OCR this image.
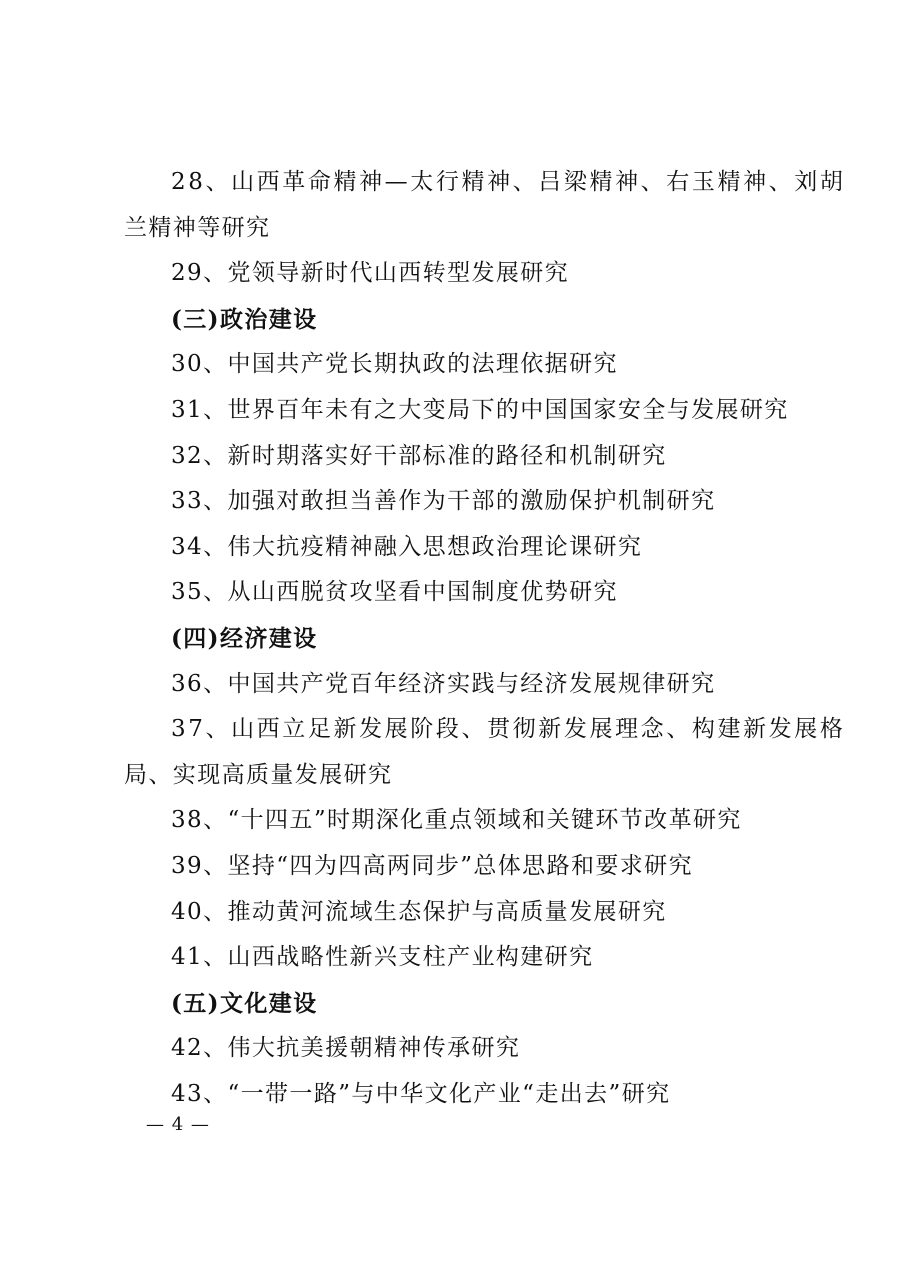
28、山西革命精神—太行精神、吕梁精神、右玉精神、刘胡

兰精神等研究

29、党领导新时代山西转型发展研究

(三)政治建设

30、中国共产党长期执政的法理依据研究

31、世界百年未有之大变局下的中国国家安全与发展研究

32、新时期落实好干部标准的路径和机制研究

33、加强对敢担当善作为干部的激励保护机制研究

34、伟大抗疫精神融入思想政治理论课研究

35、从山西脱贫攻坚看中国制度优势研究

(四)经济建设

36、中国共产党百年经济实践与经济发展规律研究

37、山西立足新发展阶段、贯彻新发展理念、构建新发展格

局、实现高质量发展研究

38、“十四五”时期深化重点领域和关键环节改革研究

39、坚持“四为四高两同步”总体思路和要求研究

40、推动黄河流域生态保护与高质量发展研究

41、山西战略性新兴支柱产业构建研究

(五)文化建设

42、伟大抗美援朝精神传承研究

43、“一带一路”与中华文化产业“走出去”研究

— 4 —
